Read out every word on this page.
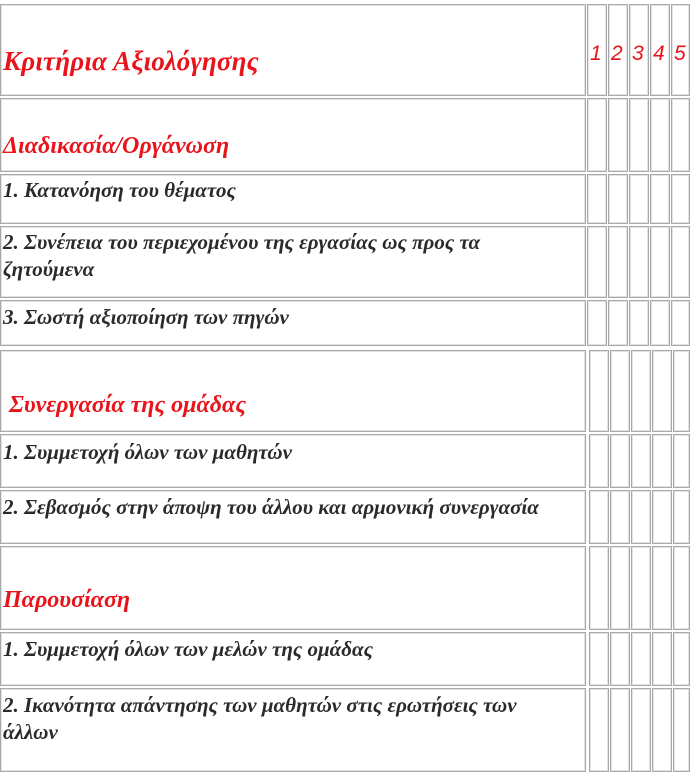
Κριτήρια Αξιολόγησης	1 2 3 4 5
Διαδικασία/Οργάνωση
1. Κατανόηση του θέματος
2. Συνέπεια του περιεχομένου της εργασίας ως προς τα ζητούμενα
3. Σωστή αξιοποίηση των πηγών
Συνεργασία της ομάδας
1. Συμμετοχή όλων των μαθητών
2. Σεβασμός στην άποψη του άλλου και αρμονική συνεργασία
Παρουσίαση
1. Συμμετοχή όλων των μελών της ομάδας
2. Ικανότητα απάντησης των μαθητών στις ερωτήσεις των άλλων
